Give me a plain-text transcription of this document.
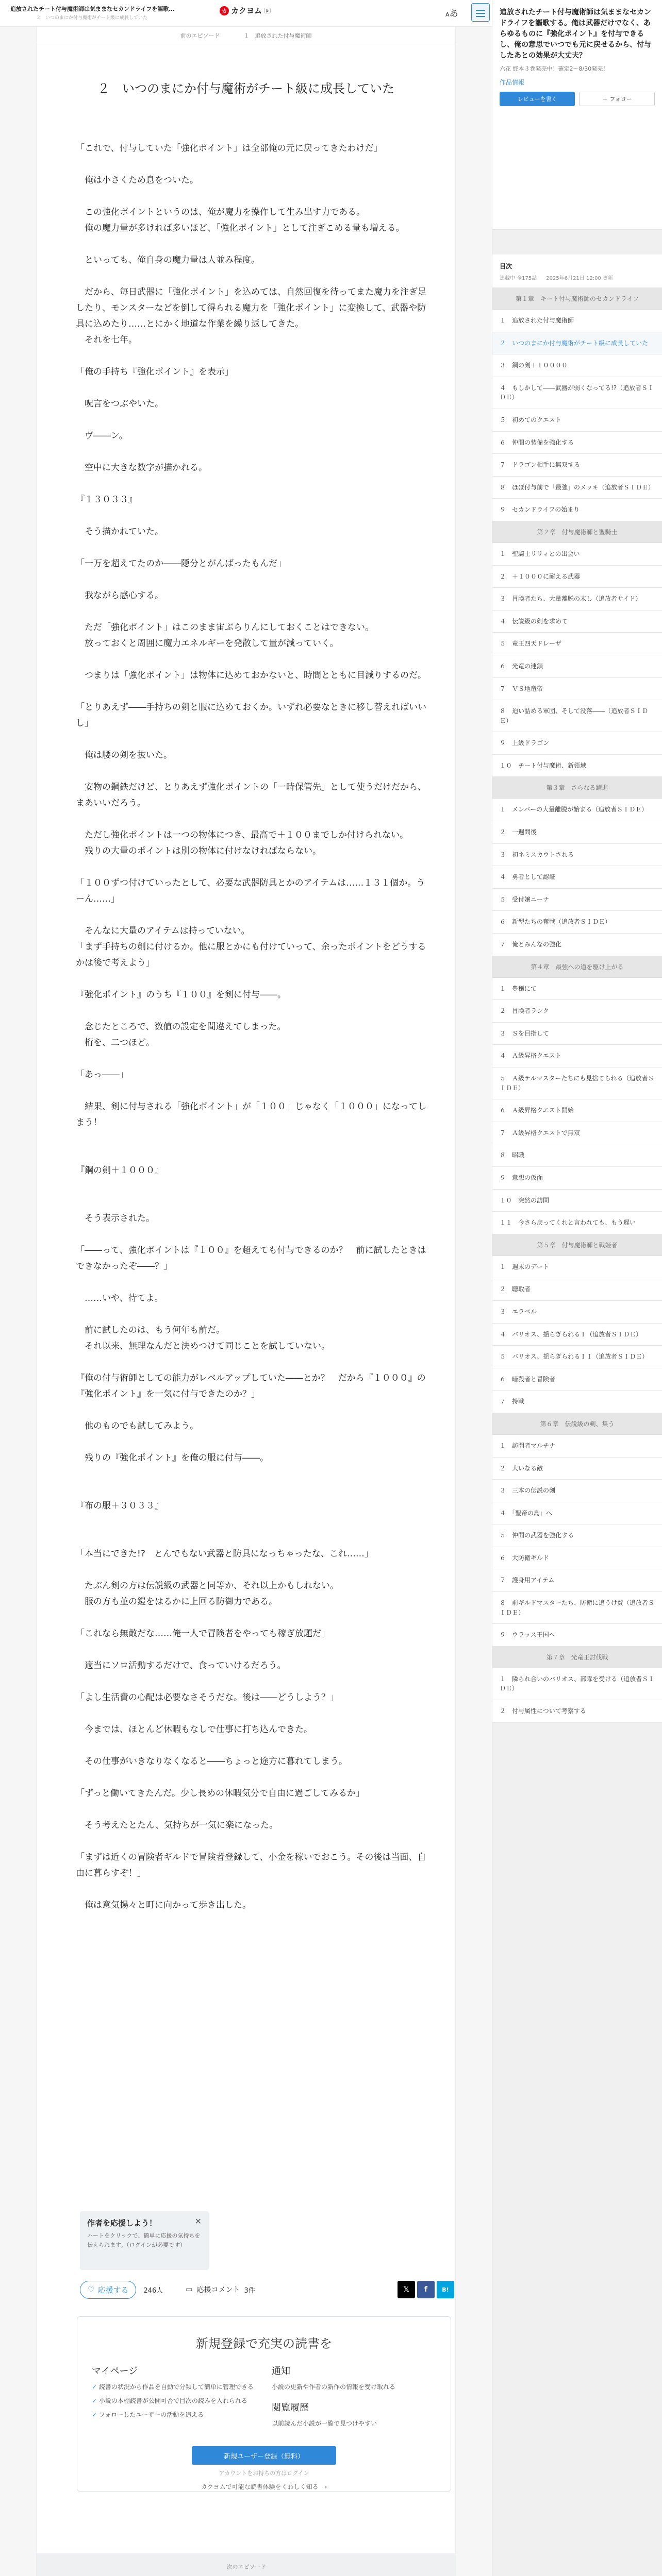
追放されたチート付与魔術師は気ままなセカンドライフを謳歌…
２　いつのまにか付与魔術がチート級に成長していた
カ カクヨム	β
Aあ
前のエピソード	１　追放された付与魔術師
２　いつのまにか付与魔術がチート級に成長していた

「これで、付与していた「強化ポイント」は全部俺の元に戻ってきたわけだ」

　俺は小さくため息をついた。

　この強化ポイントというのは、俺が魔力を操作して生み出す力である。

　俺の魔力量が多ければ多いほど、「強化ポイント」として注ぎこめる量も増える。

　といっても、俺自身の魔力量は人並み程度。

　だから、毎日武器に「強化ポイント」を込めては、自然回復を待ってまた魔力を注ぎ足したり、モンスターなどを倒して得られる魔力を「強化ポイント」に変換して、武器や防具に込めたり……とにかく地道な作業を繰り返してきた。

　それを七年。

「俺の手持ち『強化ポイント』を表示」

　呪言をつぶやいた。

　ヴ――ン。

　空中に大きな数字が描かれる。

『１３０３３』

　そう描かれていた。

「一万を超えてたのか――隠分とがんばったもんだ」

　我ながら感心する。

　ただ「強化ポイント」はこのまま宙ぶらりんにしておくことはできない。

　放っておくと周囲に魔力エネルギーを発散して量が減っていく。

　つまりは「強化ポイント」は物体に込めておかないと、時間とともに目減りするのだ。

「とりあえず――手持ちの剣と服に込めておくか。いずれ必要なときに移し替えればいいし」

　俺は腰の剣を抜いた。

　安物の鋼鉄だけど、とりあえず強化ポイントの「一時保管先」として使うだけだから、まあいいだろう。

　ただし強化ポイントは一つの物体につき、最高で＋１００までしか付けられない。

　残りの大量のポイントは別の物体に付けなければならない。

「１００ずつ付けていったとして、必要な武器防具とかのアイテムは……１３１個か。うーん……」

　そんなに大量のアイテムは持っていない。

「まず手持ちの剣に付けるか。他に服とかにも付けていって、余ったポイントをどうするかは後で考えよう」

『強化ポイント』のうち『１００』を剣に付与――。

　念じたところで、数値の設定を間違えてしまった。

　桁を、二つほど。

「あっ――」

　結果、剣に付与される「強化ポイント」が「１００」じゃなく「１０００」になってしまう！

『鋼の剣＋１０００』

　そう表示された。

「――って、強化ポイントは『１００』を超えても付与できるのか？　前に試したときはできなかったぞ――？」

　……いや、待てよ。

　前に試したのは、もう何年も前だ。

　それ以来、無理なんだと決めつけて同じことを試していない。

『俺の付与術師としての能力がレベルアップしていた――とか？　だから『１０００』の『強化ポイント』を一気に付与できたのか？」

　他のものでも試してみよう。

　残りの『強化ポイント』を俺の服に付与――。

『布の服＋３０３３』

「本当にできた!?　とんでもない武器と防具になっちゃったな、これ……」

　たぶん剣の方は伝説級の武器と同等か、それ以上かもしれない。

　服の方も並の鎧をはるかに上回る防御力である。

「これなら無敵だな……俺一人で冒険者をやっても稼ぎ放題だ」

　適当にソロ活動するだけで、食っていけるだろう。

「よし生活費の心配は必要なさそうだな。後は――どうしよう？」

　今までは、ほとんど休暇もなしで仕事に打ち込んできた。

　その仕事がいきなりなくなると――ちょっと途方に暮れてしまう。

「ずっと働いてきたんだ。少し長めの休暇気分で自由に過ごしてみるか」

　そう考えたとたん、気持ちが一気に楽になった。

「まずは近くの冒険者ギルドで冒険者登録して、小金を稼いでおこう。その後は当面、自由に暮らすぞ！」

　俺は意気揚々と町に向かって歩き出した。

作者を応援しよう！
ハートをクリックで、簡単に応援の気持ちを伝えられます。（ログインが必要です）
✕
♡ 応援する 246人	▭ 応援コメント 3件	𝕏	f	B!
新規登録で充実の読書を
マイページ
✓ 読書の状況から作品を自動で分類して簡単に管理できる
✓ 小説の本棚読書が公開可否で目次の読みを入れられる
✓ フォローしたユーザーの活動を追える
通知
小説の更新や作者の新作の情報を受け取れる
閲覧履歴
以前読んだ小説が一覧で見つけやすい
新規ユーザー登録（無料）
アカウントをお持ちの方はログイン
カクヨムで可能な読書体験をくわしく知る　›
次のエピソード
追放されたチート付与魔術師は気ままなセカンドライフを謳歌する。俺は武器だけでなく、あらゆるものに『強化ポイント』を付与できるし、俺の意思でいつでも元に戻せるから、付与したあとの効果が大丈夫？
六花 終本３巻発売中！確定2〜8/30発売！
作品情報
レビューを書く	＋ フォロー
目次
連載中 全175話 2025年6月21日 12:00 更新
第１章　キート付与魔術師のセカンドライフ
１　追放された付与魔術師
２　いつのまにか付与魔術がチート級に成長していた
３　鋼の剣＋１００００
４　もしかして――武器が弱くなってる!?（追放者ＳＩＤＥ）
５　初めてのクエスト
６　仲間の装備を強化する
７　ドラゴン相手に無双する
８　ほぼ付与前で「最強」のメッキ（追放者ＳＩＤＥ）
９　セカンドライフの始まり
第２章　付与魔術師と聖騎士
１　聖騎士リリィとの出会い
２　＋１０００に耐える武器
３　冒険者たち、大量離脱の末し（追放者サイド）
４　伝説級の剣を求めて
５　竜王四天ドレーザ
６　光竜の連鎖
７　ＶＳ地竜帝
８　迫い詰める軍団、そして没落――（追放者ＳＩＤＥ）
９　上級ドラゴン
１０　チート付与魔術、新領域
第３章　さらなる躍進
１　メンバーの大量離脱が始まる（追放者ＳＩＤＥ）
２　一週間後
３　初ネミスカウトされる
４　勇者として認証
５　受付嬢ニーナ
６　新型たちの奮戦（追放者ＳＩＤＥ）
７　俺とみんなの強化
第４章　最強への道を駆け上がる
１　豊穣にて
２　冒険者ランク
３　Ｓを目指して
４　Ａ級昇格クエスト
５　Ａ級テルマスターたちにも見捨てられる（追放者ＳＩＤＥ）
６　Ａ級昇格クエスト開始
７　Ａ級昇格クエストで無双
８　昭職
９　意想の仮面
１０　突然の訪問
１１　今さら戻ってくれと言われても、もう遅い
第５章　付与魔術師と戦姫者
１　週末のデート
２　聴取者
３　エラベル
４　バリオス、揺らぎられるＩ（追放者ＳＩＤＥ）
５　バリオス、揺らぎられるＩＩ（追放者ＳＩＤＥ）
６　暗殺者と冒険者
７　持戦
第６章　伝説級の剣、集う
１　訪問者マルチナ
２　大いなる敵
３　三本の伝説の剣
４　「聖帝の島」へ
５　仲間の武器を強化する
６　大防衛ギルド
７　護身用アイテム
８　前ギルドマスターたち、防衛に追うけ賛（追放者ＳＩＤＥ）
９　ウラッス王国へ
第７章　光竜王討伐戦
１　隣られ合いのバリオス、部隊を受ける（追放者ＳＩＤＥ）
２　付与属性について考察する
